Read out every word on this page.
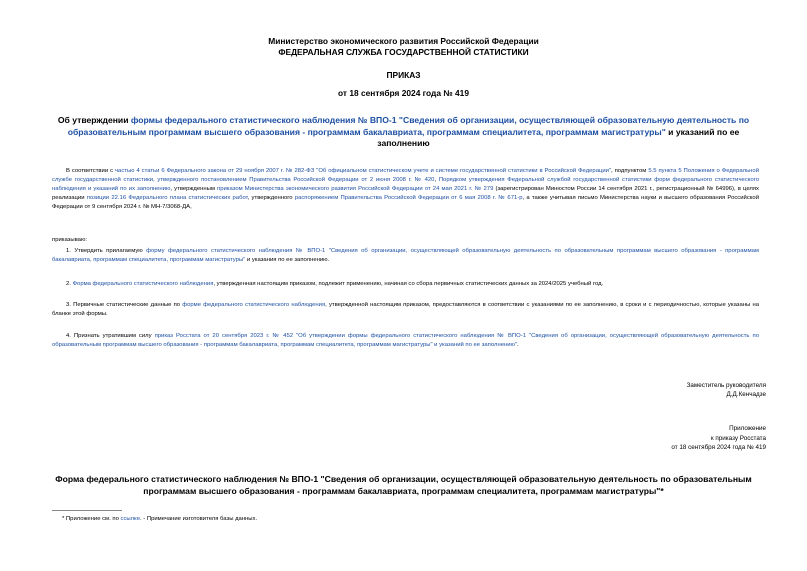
Министерство экономического развития Российской Федерации
ФЕДЕРАЛЬНАЯ СЛУЖБА ГОСУДАРСТВЕННОЙ СТАТИСТИКИ
ПРИКАЗ
от 18 сентября 2024 года № 419
Об утверждении формы федерального статистического наблюдения № ВПО-1 "Сведения об организации, осуществляющей образовательную деятельность по образовательным программам высшего образования - программам бакалавриата, программам специалитета, программам магистратуры" и указаний по ее заполнению
В соответствии с частью 4 статьи 6 Федерального закона от 29 ноября 2007 г. № 282-ФЗ "Об официальном статистическом учете и системе государственной статистики в Российской Федерации", подпунктом 5.5 пункта 5 Положения о Федеральной службе государственной статистики, утвержденного постановлением Правительства Российской Федерации от 2 июня 2008 г. № 420, Порядком утверждения Федеральной службой государственной статистики форм федерального статистического наблюдения и указаний по их заполнению, утвержденным приказом Министерства экономического развития Российской Федерации от 24 мая 2021 г. № 279 (зарегистрирован Минюстом России 14 сентября 2021 г., регистрационный № 64996), в целях реализации позиции 22.16 Федерального плана статистических работ, утвержденного распоряжением Правительства Российской Федерации от 6 мая 2008 г. № 671-р, а также учитывая письмо Министерства науки и высшего образования Российской Федерации от 9 сентября 2024 г. № МН-7/3068-ДА,
приказываю:
1. Утвердить прилагаемую форму федерального статистического наблюдения № ВПО-1 "Сведения об организации, осуществляющей образовательную деятельность по образовательным программам высшего образования - программам бакалавриата, программам специалитета, программам магистратуры" и указания по ее заполнению.
2. Форма федерального статистического наблюдения, утвержденная настоящим приказом, подлежит применению, начиная со сбора первичных статистических данных за 2024/2025 учебный год.
3. Первичные статистические данные по форме федерального статистического наблюдения, утвержденной настоящим приказом, предоставляются в соответствии с указаниями по ее заполнению, в сроки и с периодичностью, которые указаны на бланке этой формы.
4. Признать утратившим силу приказ Росстата от 20 сентября 2023 г. № 452 "Об утверждении формы федерального статистического наблюдения № ВПО-1 "Сведения об организации, осуществляющей образовательную деятельность по образовательным программам высшего образования - программам бакалавриата, программам специалитета, программам магистратуры" и указаний по ее заполнению".
Заместитель руководителя
Д.Д.Кенчадзе
Приложение
к приказу Росстата
от 18 сентября 2024 года № 419
Форма федерального статистического наблюдения № ВПО-1 "Сведения об организации, осуществляющей образовательную деятельность по образовательным программам высшего образования - программам бакалавриата, программам специалитета, программам магистратуры"*
* Приложение см. по ссылке. - Примечание изготовителя базы данных.
